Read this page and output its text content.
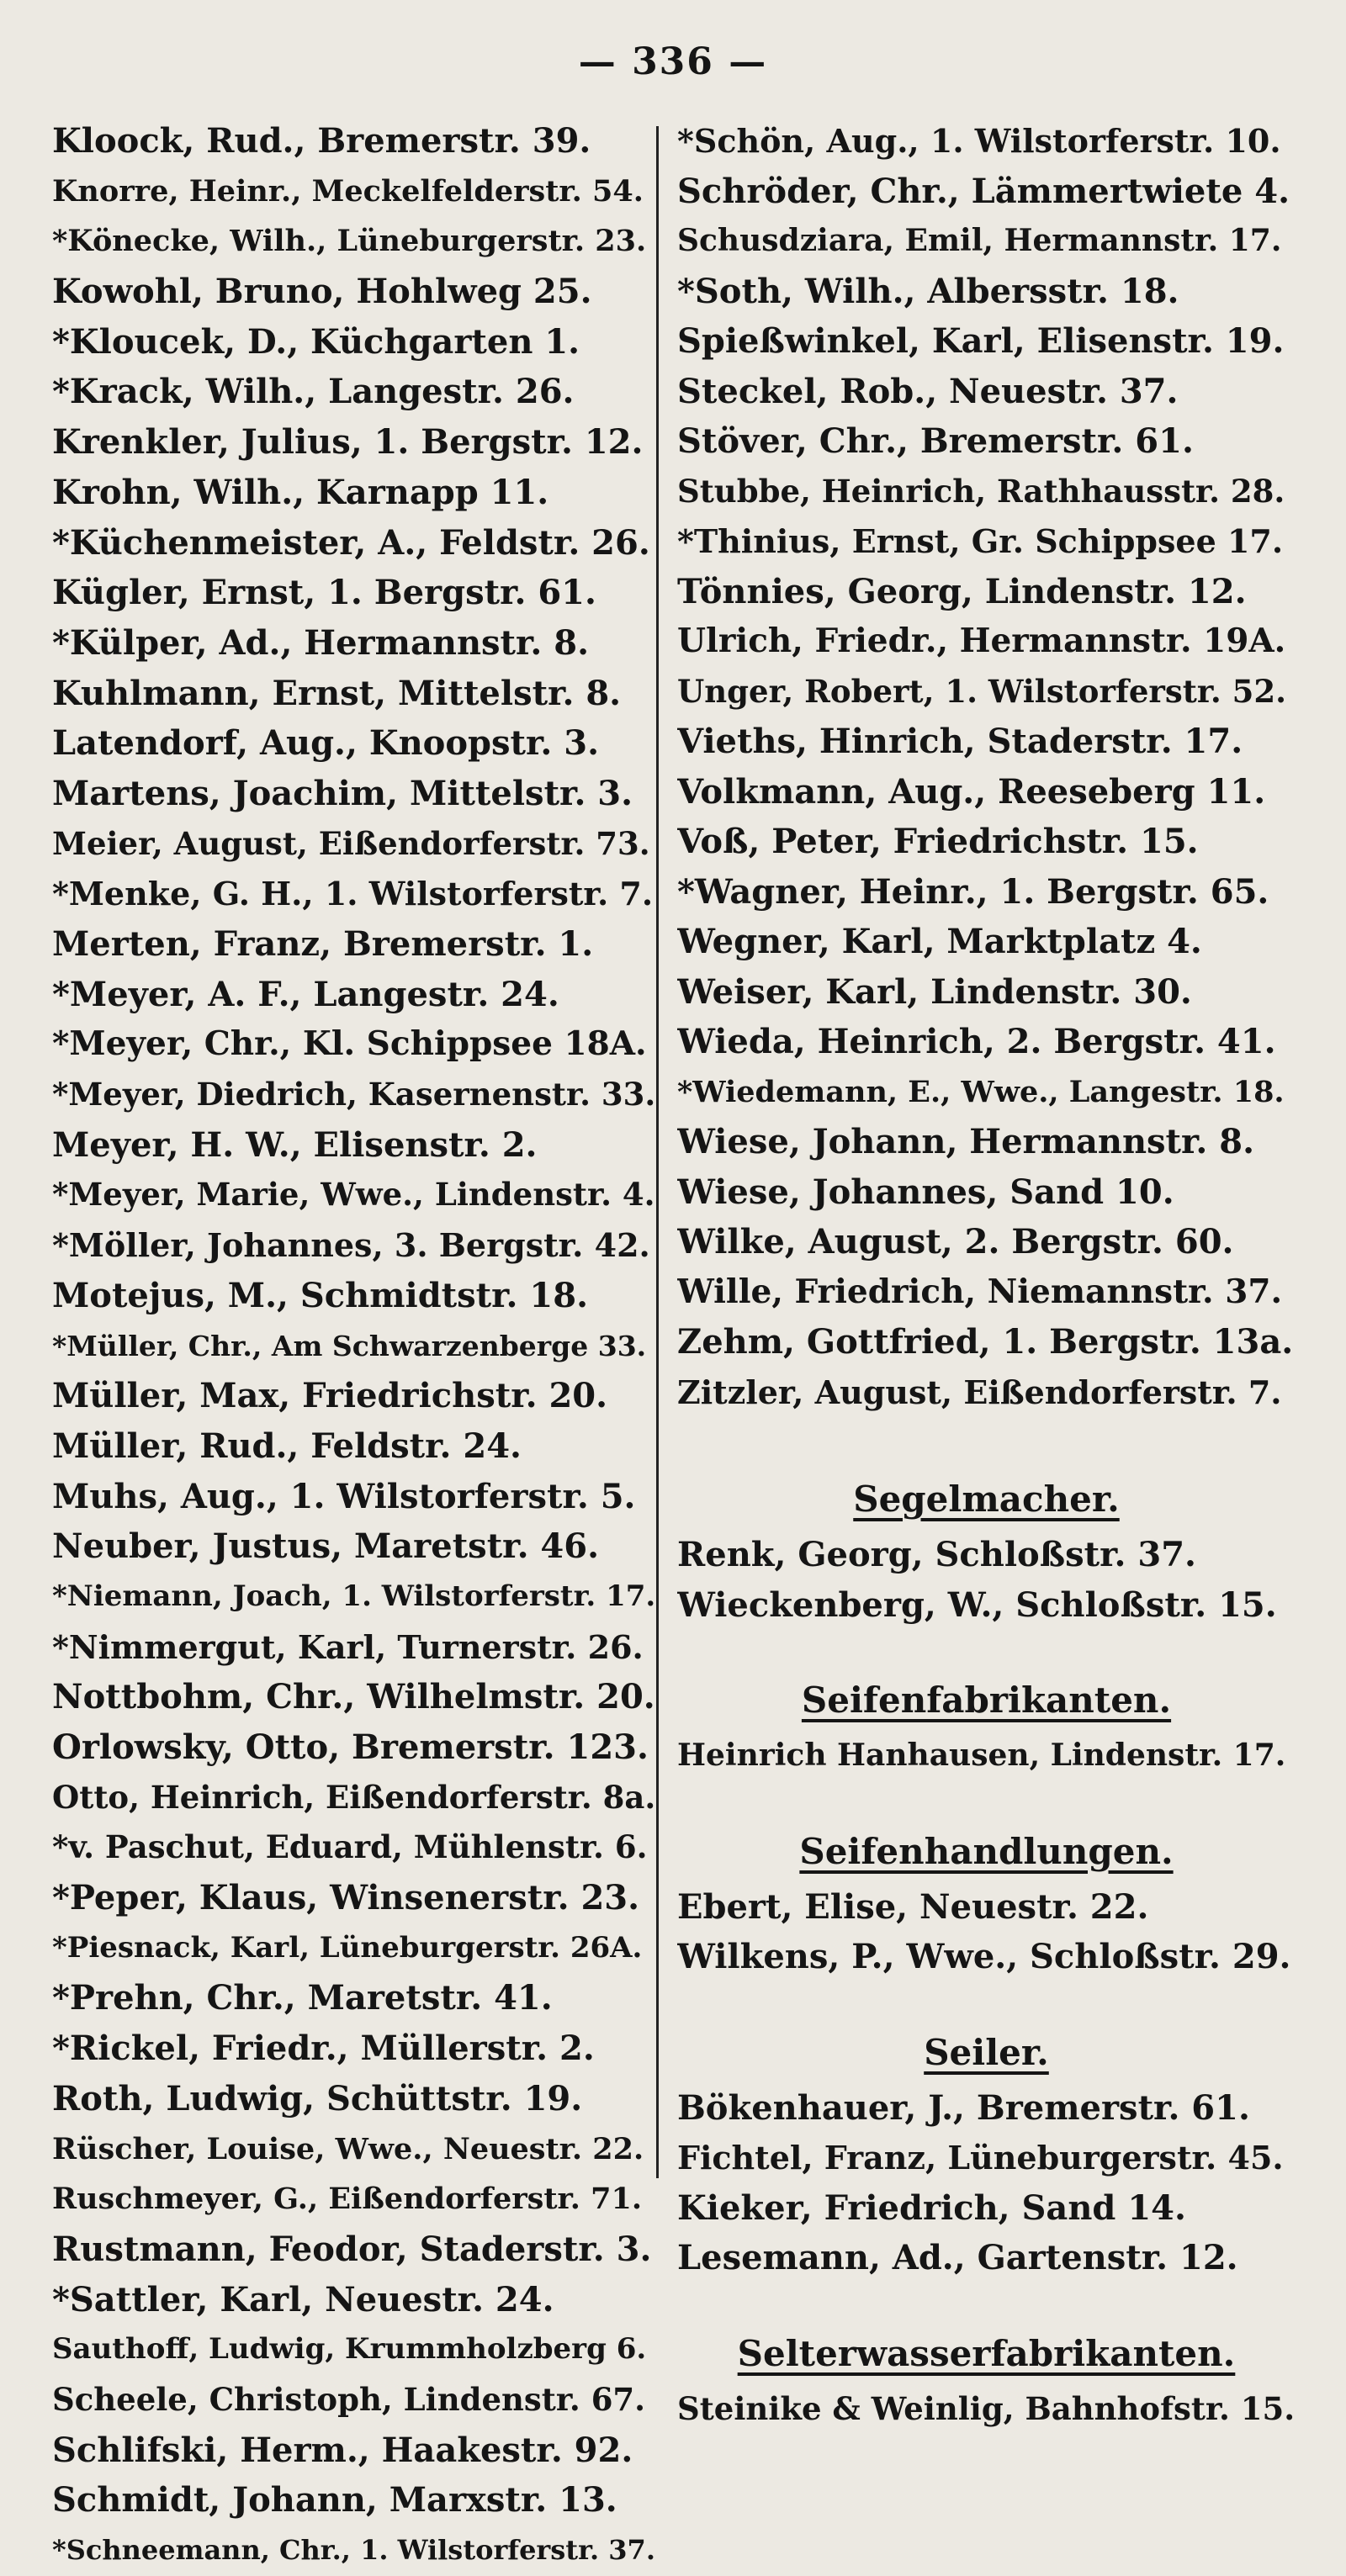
— 336 —
Kloock, Rud., Bremerstr. 39.
Knorre, Heinr., Meckelfelderstr. 54.
*Könecke, Wilh., Lüneburgerstr. 23.
Kowohl, Bruno, Hohlweg 25.
*Kloucek, D., Küchgarten 1.
*Krack, Wilh., Langestr. 26.
Krenkler, Julius, 1. Bergstr. 12.
Krohn, Wilh., Karnapp 11.
*Küchenmeister, A., Feldstr. 26.
Kügler, Ernst, 1. Bergstr. 61.
*Külper, Ad., Hermannstr. 8.
Kuhlmann, Ernst, Mittelstr. 8.
Latendorf, Aug., Knoopstr. 3.
Martens, Joachim, Mittelstr. 3.
Meier, August, Eißendorferstr. 73.
*Menke, G. H., 1. Wilstorferstr. 7.
Merten, Franz, Bremerstr. 1.
*Meyer, A. F., Langestr. 24.
*Meyer, Chr., Kl. Schippsee 18A.
*Meyer, Diedrich, Kasernenstr. 33.
Meyer, H. W., Elisenstr. 2.
*Meyer, Marie, Wwe., Lindenstr. 4.
*Möller, Johannes, 3. Bergstr. 42.
Motejus, M., Schmidtstr. 18.
*Müller, Chr., Am Schwarzenberge 33.
Müller, Max, Friedrichstr. 20.
Müller, Rud., Feldstr. 24.
Muhs, Aug., 1. Wilstorferstr. 5.
Neuber, Justus, Maretstr. 46.
*Niemann, Joach, 1. Wilstorferstr. 17.
*Nimmergut, Karl, Turnerstr. 26.
Nottbohm, Chr., Wilhelmstr. 20.
Orlowsky, Otto, Bremerstr. 123.
Otto, Heinrich, Eißendorferstr. 8a.
*v. Paschut, Eduard, Mühlenstr. 6.
*Peper, Klaus, Winsenerstr. 23.
*Piesnack, Karl, Lüneburgerstr. 26A.
*Prehn, Chr., Maretstr. 41.
*Rickel, Friedr., Müllerstr. 2.
Roth, Ludwig, Schüttstr. 19.
Rüscher, Louise, Wwe., Neuestr. 22.
Ruschmeyer, G., Eißendorferstr. 71.
Rustmann, Feodor, Staderstr. 3.
*Sattler, Karl, Neuestr. 24.
Sauthoff, Ludwig, Krummholzberg 6.
Scheele, Christoph, Lindenstr. 67.
Schlifski, Herm., Haakestr. 92.
Schmidt, Johann, Marxstr. 13.
*Schneemann, Chr., 1. Wilstorferstr. 37.
*Schön, Aug., 1. Wilstorferstr. 10.
Schröder, Chr., Lämmertwiete 4.
Schusdziara, Emil, Hermannstr. 17.
*Soth, Wilh., Albersstr. 18.
Spießwinkel, Karl, Elisenstr. 19.
Steckel, Rob., Neuestr. 37.
Stöver, Chr., Bremerstr. 61.
Stubbe, Heinrich, Rathhausstr. 28.
*Thinius, Ernst, Gr. Schippsee 17.
Tönnies, Georg, Lindenstr. 12.
Ulrich, Friedr., Hermannstr. 19A.
Unger, Robert, 1. Wilstorferstr. 52.
Vieths, Hinrich, Staderstr. 17.
Volkmann, Aug., Reeseberg 11.
Voß, Peter, Friedrichstr. 15.
*Wagner, Heinr., 1. Bergstr. 65.
Wegner, Karl, Marktplatz 4.
Weiser, Karl, Lindenstr. 30.
Wieda, Heinrich, 2. Bergstr. 41.
*Wiedemann, E., Wwe., Langestr. 18.
Wiese, Johann, Hermannstr. 8.
Wiese, Johannes, Sand 10.
Wilke, August, 2. Bergstr. 60.
Wille, Friedrich, Niemannstr. 37.
Zehm, Gottfried, 1. Bergstr. 13a.
Zitzler, August, Eißendorferstr. 7.
Segelmacher.
Renk, Georg, Schloßstr. 37.
Wieckenberg, W., Schloßstr. 15.
Seifenfabrikanten.
Heinrich Hanhausen, Lindenstr. 17.
Seifenhandlungen.
Ebert, Elise, Neuestr. 22.
Wilkens, P., Wwe., Schloßstr. 29.
Seiler.
Bökenhauer, J., Bremerstr. 61.
Fichtel, Franz, Lüneburgerstr. 45.
Kieker, Friedrich, Sand 14.
Lesemann, Ad., Gartenstr. 12.
Selterwasserfabrikanten.
Steinike & Weinlig, Bahnhofstr. 15.
